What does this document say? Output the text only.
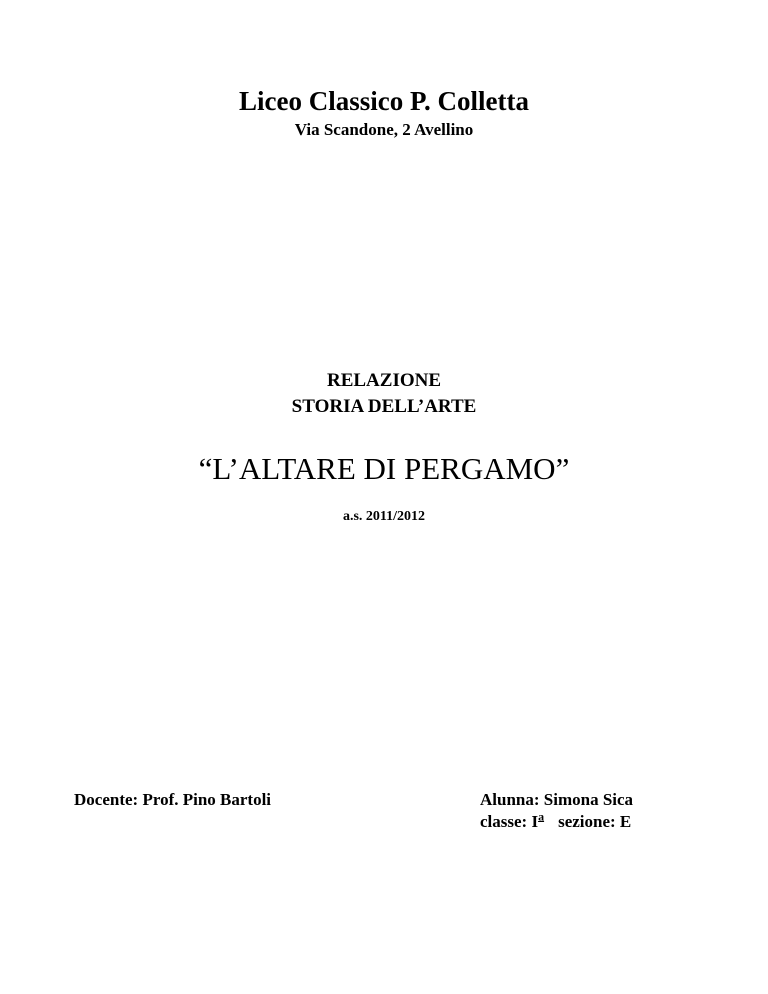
Liceo Classico P. Colletta
Via Scandone, 2 Avellino
RELAZIONE
STORIA DELL’ARTE
“L’ALTARE DI PERGAMO”
a.s. 2011/2012
Docente: Prof. Pino Bartoli	Alunna: Simona Sica
classe: $I^a$ sezione: E
